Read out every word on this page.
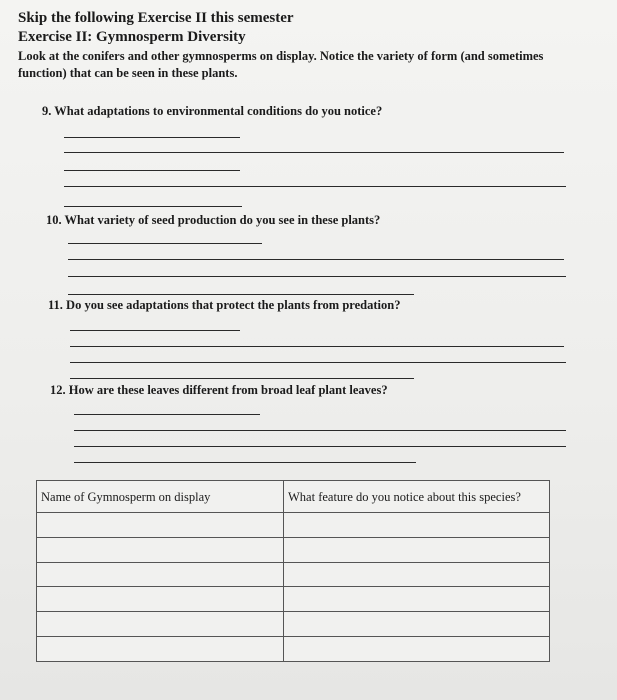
Skip the following Exercise II this semester
Exercise II: Gymnosperm Diversity
Look at the conifers and other gymnosperms on display. Notice the variety of form (and sometimes function) that can be seen in these plants.
9. What adaptations to environmental conditions do you notice?
10. What variety of seed production do you see in these plants?
11. Do you see adaptations that protect the plants from predation?
12. How are these leaves different from broad leaf plant leaves?
Name of Gymnosperm on display	What feature do you notice about this species?
